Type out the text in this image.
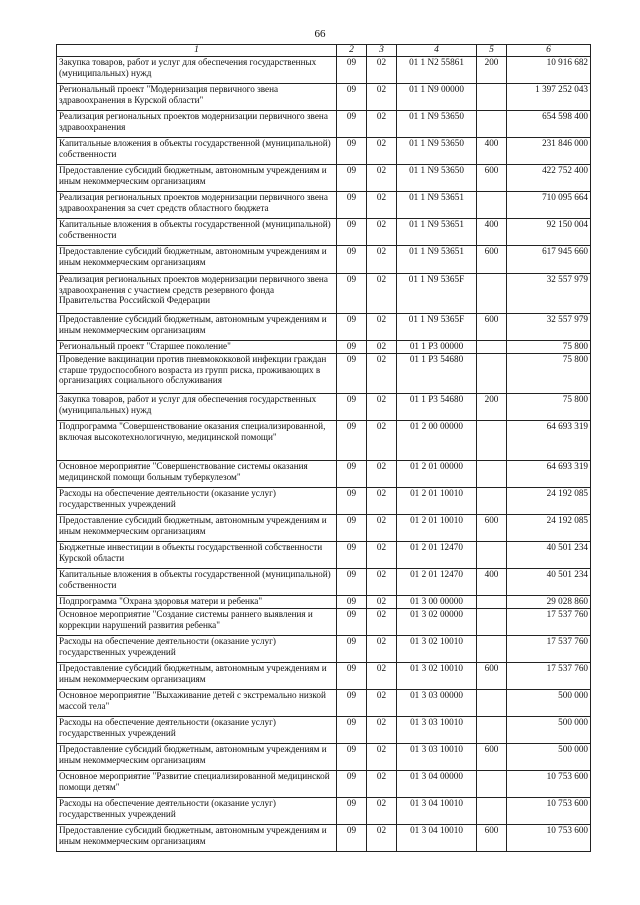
66
1	2	3	4	5	6
Закупка товаров, работ и услуг для обеспечения государственных (муниципальных) нужд	09	02	01 1 N2 55861	200	10 916 682
Региональный проект "Модернизация первичного звена здравоохранения в Курской области"	09	02	01 1 N9 00000		1 397 252 043
Реализация региональных проектов модернизации первичного звена здравоохранения	09	02	01 1 N9 53650		654 598 400
Капитальные вложения в объекты государственной (муниципальной) собственности	09	02	01 1 N9 53650	400	231 846 000
Предоставление субсидий бюджетным, автономным учреждениям и иным некоммерческим организациям	09	02	01 1 N9 53650	600	422 752 400
Реализация региональных проектов модернизации первичного звена здравоохранения за счет средств областного бюджета	09	02	01 1 N9 53651		710 095 664
Капитальные вложения в объекты государственной (муниципальной) собственности	09	02	01 1 N9 53651	400	92 150 004
Предоставление субсидий бюджетным, автономным учреждениям и иным некоммерческим организациям	09	02	01 1 N9 53651	600	617 945 660
Реализация региональных проектов модернизации первичного звена здравоохранения с участием средств резервного фонда Правительства Российской Федерации	09	02	01 1 N9 5365F		32 557 979
Предоставление субсидий бюджетным, автономным учреждениям и иным некоммерческим организациям	09	02	01 1 N9 5365F	600	32 557 979
Региональный проект "Старшее поколение"	09	02	01 1 P3 00000		75 800
Проведение вакцинации против пневмококковой инфекции граждан старше трудоспособного возраста из групп риска, проживающих в организациях социального обслуживания	09	02	01 1 P3 54680		75 800
Закупка товаров, работ и услуг для обеспечения государственных (муниципальных) нужд	09	02	01 1 P3 54680	200	75 800
Подпрограмма "Совершенствование оказания специализированной, включая высокотехнологичную, медицинской помощи"	09	02	01 2 00 00000		64 693 319
Основное мероприятие "Совершенствование системы оказания медицинской помощи больным туберкулезом"	09	02	01 2 01 00000		64 693 319
Расходы на обеспечение деятельности (оказание услуг) государственных учреждений	09	02	01 2 01 10010		24 192 085
Предоставление субсидий бюджетным, автономным учреждениям и иным некоммерческим организациям	09	02	01 2 01 10010	600	24 192 085
Бюджетные инвестиции в объекты государственной собственности Курской области	09	02	01 2 01 12470		40 501 234
Капитальные вложения в объекты государственной (муниципальной) собственности	09	02	01 2 01 12470	400	40 501 234
Подпрограмма "Охрана здоровья матери и ребенка"	09	02	01 3 00 00000		29 028 860
Основное мероприятие "Создание системы раннего выявления и коррекции нарушений развития ребенка"	09	02	01 3 02 00000		17 537 760
Расходы на обеспечение деятельности (оказание услуг) государственных учреждений	09	02	01 3 02 10010		17 537 760
Предоставление субсидий бюджетным, автономным учреждениям и иным некоммерческим организациям	09	02	01 3 02 10010	600	17 537 760
Основное мероприятие "Выхаживание детей с экстремально низкой массой тела"	09	02	01 3 03 00000		500 000
Расходы на обеспечение деятельности (оказание услуг) государственных учреждений	09	02	01 3 03 10010		500 000
Предоставление субсидий бюджетным, автономным учреждениям и иным некоммерческим организациям	09	02	01 3 03 10010	600	500 000
Основное мероприятие "Развитие специализированной медицинской помощи детям"	09	02	01 3 04 00000		10 753 600
Расходы на обеспечение деятельности (оказание услуг) государственных учреждений	09	02	01 3 04 10010		10 753 600
Предоставление субсидий бюджетным, автономным учреждениям и иным некоммерческим организациям	09	02	01 3 04 10010	600	10 753 600
